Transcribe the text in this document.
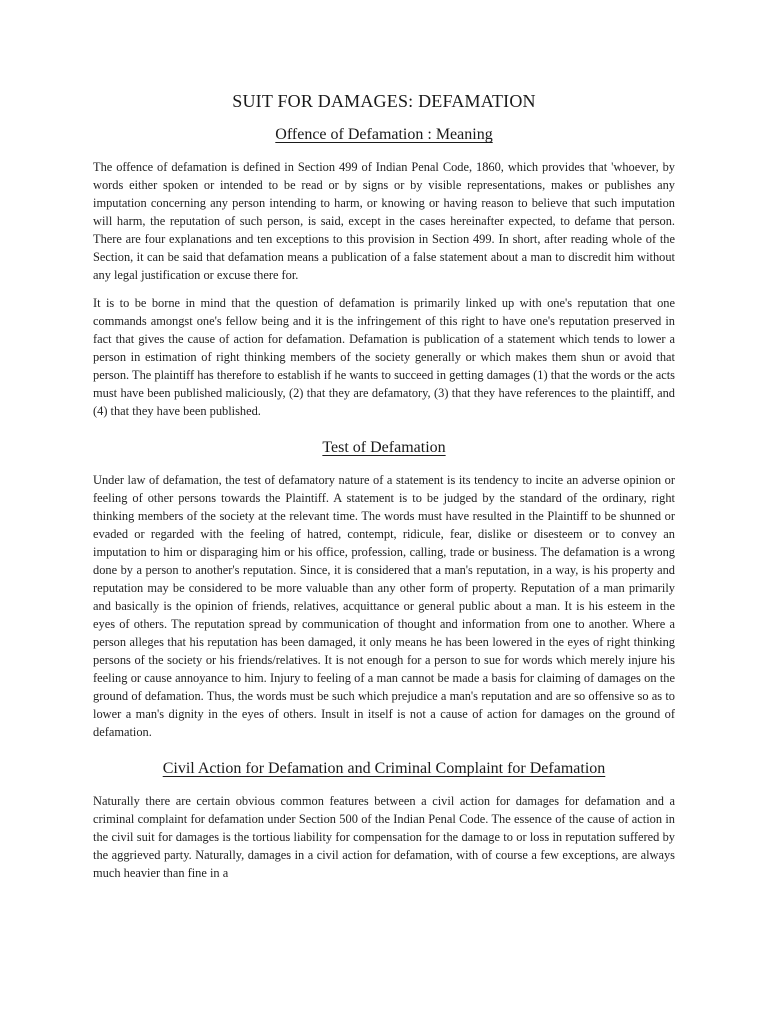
SUIT FOR DAMAGES: DEFAMATION
Offence of Defamation : Meaning

The offence of defamation is defined in Section 499 of Indian Penal Code, 1860, which provides that 'whoever, by words either spoken or intended to be read or by signs or by visible representations, makes or publishes any imputation concerning any person intending to harm, or knowing or having reason to believe that such imputation will harm, the reputation of such person, is said, except in the cases hereinafter expected, to defame that person. There are four explanations and ten exceptions to this provision in Section 499. In short, after reading whole of the Section, it can be said that defamation means a publication of a false statement about a man to discredit him without any legal justification or excuse there for.

It is to be borne in mind that the question of defamation is primarily linked up with one's reputation that one commands amongst one's fellow being and it is the infringement of this right to have one's reputation preserved in fact that gives the cause of action for defamation. Defamation is publication of a statement which tends to lower a person in estimation of right thinking members of the society generally or which makes them shun or avoid that person. The plaintiff has therefore to establish if he wants to succeed in getting damages (1) that the words or the acts must have been published maliciously, (2) that they are defamatory, (3) that they have references to the plaintiff, and (4) that they have been published.

Test of Defamation

Under law of defamation, the test of defamatory nature of a statement is its tendency to incite an adverse opinion or feeling of other persons towards the Plaintiff. A statement is to be judged by the standard of the ordinary, right thinking members of the society at the relevant time. The words must have resulted in the Plaintiff to be shunned or evaded or regarded with the feeling of hatred, contempt, ridicule, fear, dislike or disesteem or to convey an imputation to him or disparaging him or his office, profession, calling, trade or business. The defamation is a wrong done by a person to another's reputation. Since, it is considered that a man's reputation, in a way, is his property and reputation may be considered to be more valuable than any other form of property. Reputation of a man primarily and basically is the opinion of friends, relatives, acquittance or general public about a man. It is his esteem in the eyes of others. The reputation spread by communication of thought and information from one to another. Where a person alleges that his reputation has been damaged, it only means he has been lowered in the eyes of right thinking persons of the society or his friends/relatives. It is not enough for a person to sue for words which merely injure his feeling or cause annoyance to him. Injury to feeling of a man cannot be made a basis for claiming of damages on the ground of defamation. Thus, the words must be such which prejudice a man's reputation and are so offensive so as to lower a man's dignity in the eyes of others. Insult in itself is not a cause of action for damages on the ground of defamation.

Civil Action for Defamation and Criminal Complaint for Defamation

Naturally there are certain obvious common features between a civil action for damages for defamation and a criminal complaint for defamation under Section 500 of the Indian Penal Code. The essence of the cause of action in the civil suit for damages is the tortious liability for compensation for the damage to or loss in reputation suffered by the aggrieved party. Naturally, damages in a civil action for defamation, with of course a few exceptions, are always much heavier than fine in a
